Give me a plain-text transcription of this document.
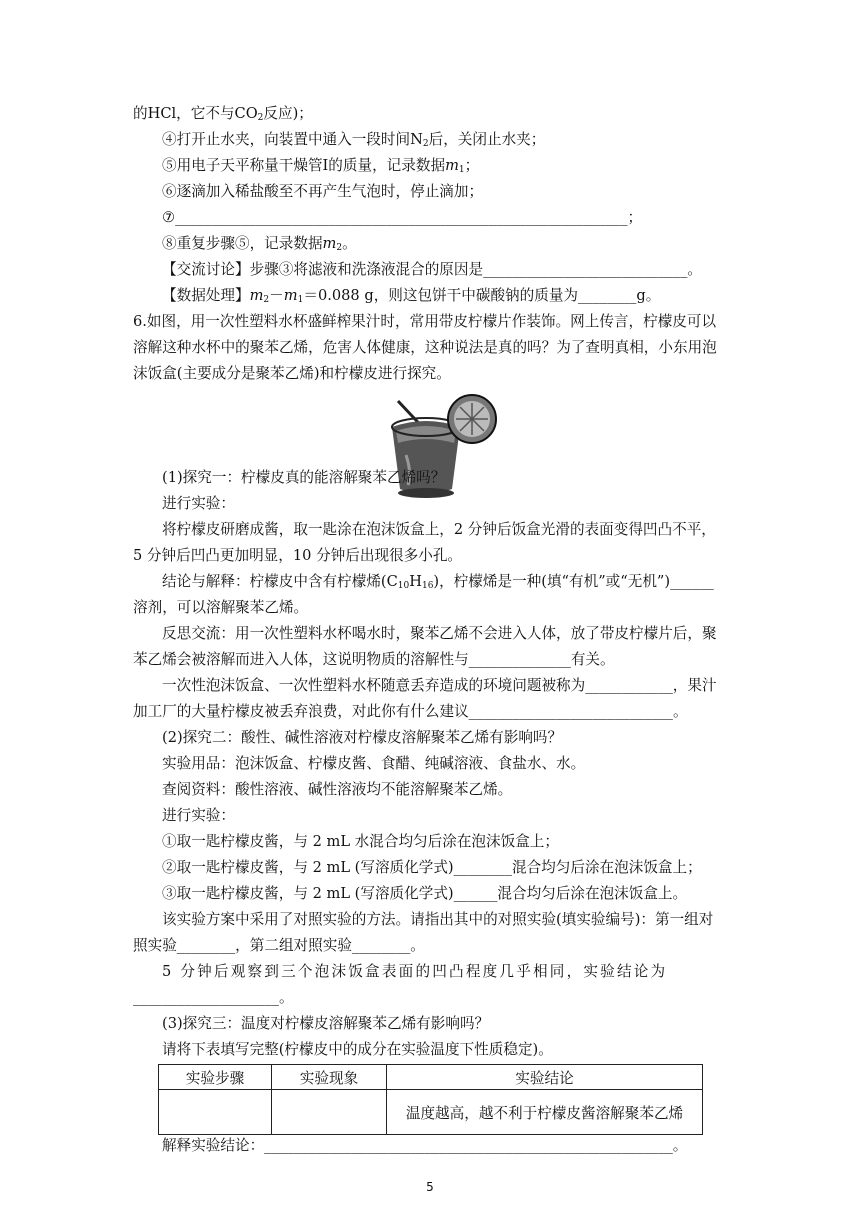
的HCl，它不与$CO_2$反应)；
④打开止水夹，向装置中通入一段时间$N_2$后，关闭止水夹；
⑤用电子天平称量干燥管Ⅰ的质量，记录数据$m_1$；
⑥逐滴加入稀盐酸至不再产生气泡时，停止滴加；
⑦______________________________________________________________；
⑧重复步骤⑤，记录数据$m_2$。
【交流讨论】步骤③将滤液和洗涤液混合的原因是____________________________。
【数据处理】$m_2-m_1=0.088$ g，则这包饼干中碳酸钠的质量为________g。
6.如图，用一次性塑料水杯盛鲜榨果汁时，常用带皮柠檬片作装饰。网上传言，柠檬皮可以
溶解这种水杯中的聚苯乙烯，危害人体健康，这种说法是真的吗？为了查明真相，小东用泡
沫饭盒(主要成分是聚苯乙烯)和柠檬皮进行探究。
(1)探究一：柠檬皮真的能溶解聚苯乙烯吗？
进行实验：
将柠檬皮研磨成酱，取一匙涂在泡沫饭盒上，2 分钟后饭盒光滑的表面变得凹凸不平，
5 分钟后凹凸更加明显，10 分钟后出现很多小孔。
结论与解释：柠檬皮中含有柠檬烯$(C_{10}H_{16})$，柠檬烯是一种(填“有机”或“无机”)______
溶剂，可以溶解聚苯乙烯。
反思交流：用一次性塑料水杯喝水时，聚苯乙烯不会进入人体，放了带皮柠檬片后，聚
苯乙烯会被溶解而进入人体，这说明物质的溶解性与______________有关。
一次性泡沫饭盒、一次性塑料水杯随意丢弃造成的环境问题被称为____________，果汁
加工厂的大量柠檬皮被丢弃浪费，对此你有什么建议____________________________。
(2)探究二：酸性、碱性溶液对柠檬皮溶解聚苯乙烯有影响吗？
实验用品：泡沫饭盒、柠檬皮酱、食醋、纯碱溶液、食盐水、水。
查阅资料：酸性溶液、碱性溶液均不能溶解聚苯乙烯。
进行实验：
①取一匙柠檬皮酱，与 2 mL 水混合均匀后涂在泡沫饭盒上；
②取一匙柠檬皮酱，与 2 mL (写溶质化学式)________混合均匀后涂在泡沫饭盒上；
③取一匙柠檬皮酱，与 2 mL (写溶质化学式)______混合均匀后涂在泡沫饭盒上。
该实验方案中采用了对照实验的方法。请指出其中的对照实验(填实验编号)：第一组对
照实验________，第二组对照实验________。
5 分钟后观察到三个泡沫饭盒表面的凹凸程度几乎相同，实验结论为
____________________。
(3)探究三：温度对柠檬皮溶解聚苯乙烯有影响吗？
请将下表填写完整(柠檬皮中的成分在实验温度下性质稳定)。
实验步骤	实验现象	实验结论
		温度越高，越不利于柠檬皮酱溶解聚苯乙烯
解释实验结论：________________________________________________________。
5
